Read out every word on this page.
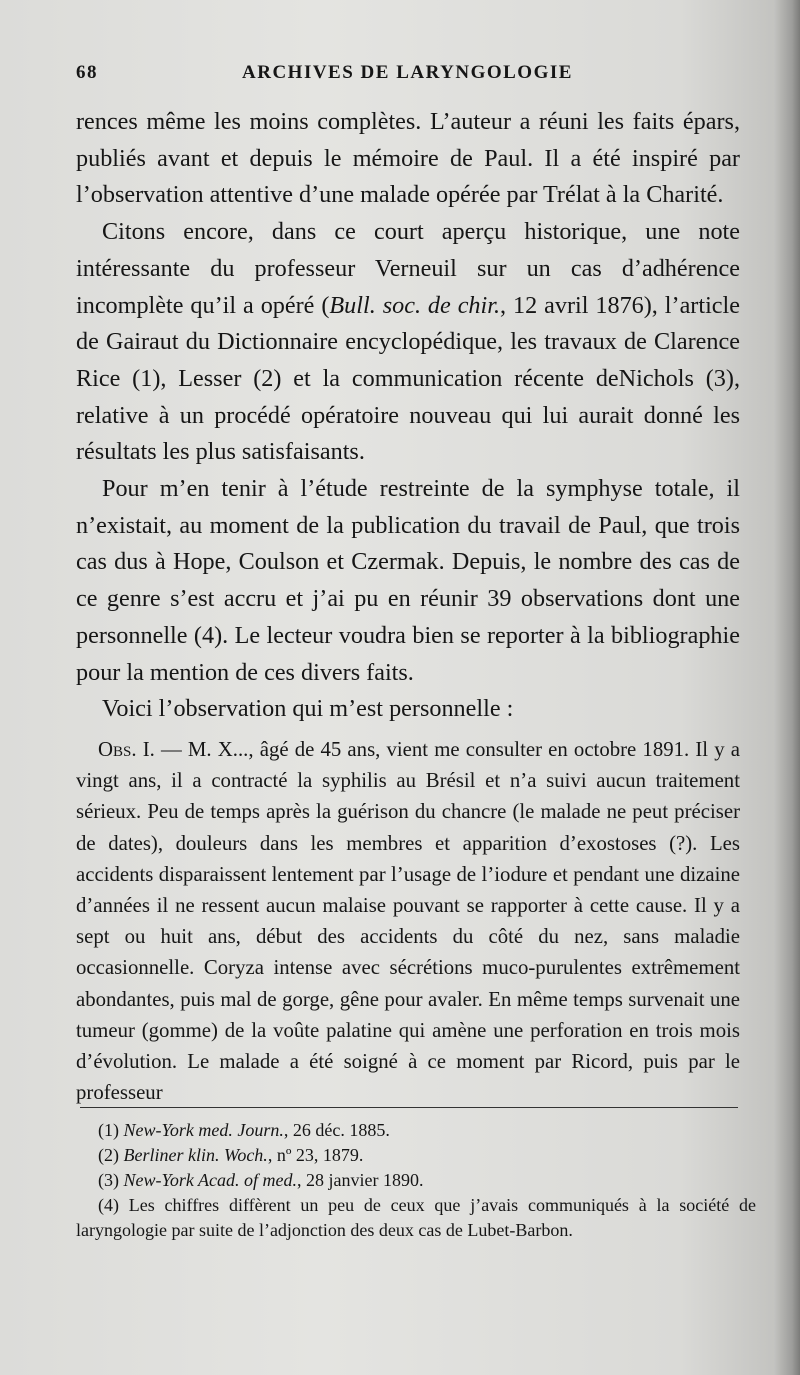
68	ARCHIVES DE LARYNGOLOGIE

rences même les moins complètes. L’auteur a réuni les faits épars, publiés avant et depuis le mémoire de Paul. Il a été inspiré par l’observation attentive d’une malade opérée par Trélat à la Charité.

Citons encore, dans ce court aperçu historique, une note intéressante du professeur Verneuil sur un cas d’adhérence incomplète qu’il a opéré (Bull. soc. de chir., 12 avril 1876), l’article de Gairaut du Dictionnaire encyclopédique, les travaux de Clarence Rice (1), Lesser (2) et la communication récente deNichols (3), relative à un procédé opératoire nouveau qui lui aurait donné les résultats les plus satisfaisants.

Pour m’en tenir à l’étude restreinte de la symphyse totale, il n’existait, au moment de la publication du travail de Paul, que trois cas dus à Hope, Coulson et Czermak. Depuis, le nombre des cas de ce genre s’est accru et j’ai pu en réunir 39 observations dont une personnelle (4). Le lecteur voudra bien se reporter à la bibliographie pour la mention de ces divers faits.

Voici l’observation qui m’est personnelle :

Obs. I. — M. X..., âgé de 45 ans, vient me consulter en octobre 1891. Il y a vingt ans, il a contracté la syphilis au Brésil et n’a suivi aucun traitement sérieux. Peu de temps après la guérison du chancre (le malade ne peut préciser de dates), douleurs dans les membres et apparition d’exostoses (?). Les accidents disparaissent lentement par l’usage de l’iodure et pendant une dizaine d’années il ne ressent aucun malaise pouvant se rapporter à cette cause. Il y a sept ou huit ans, début des accidents du côté du nez, sans maladie occasionnelle. Coryza intense avec sécrétions muco-purulentes extrêmement abondantes, puis mal de gorge, gêne pour avaler. En même temps survenait une tumeur (gomme) de la voûte palatine qui amène une perforation en trois mois d’évolution. Le malade a été soigné à ce moment par Ricord, puis par le professeur

(1) New-York med. Journ., 26 déc. 1885.
(2) Berliner klin. Woch., nº 23, 1879.
(3) New-York Acad. of med., 28 janvier 1890.
(4) Les chiffres diffèrent un peu de ceux que j’avais communiqués à la société de laryngologie par suite de l’adjonction des deux cas de Lubet-Barbon.
